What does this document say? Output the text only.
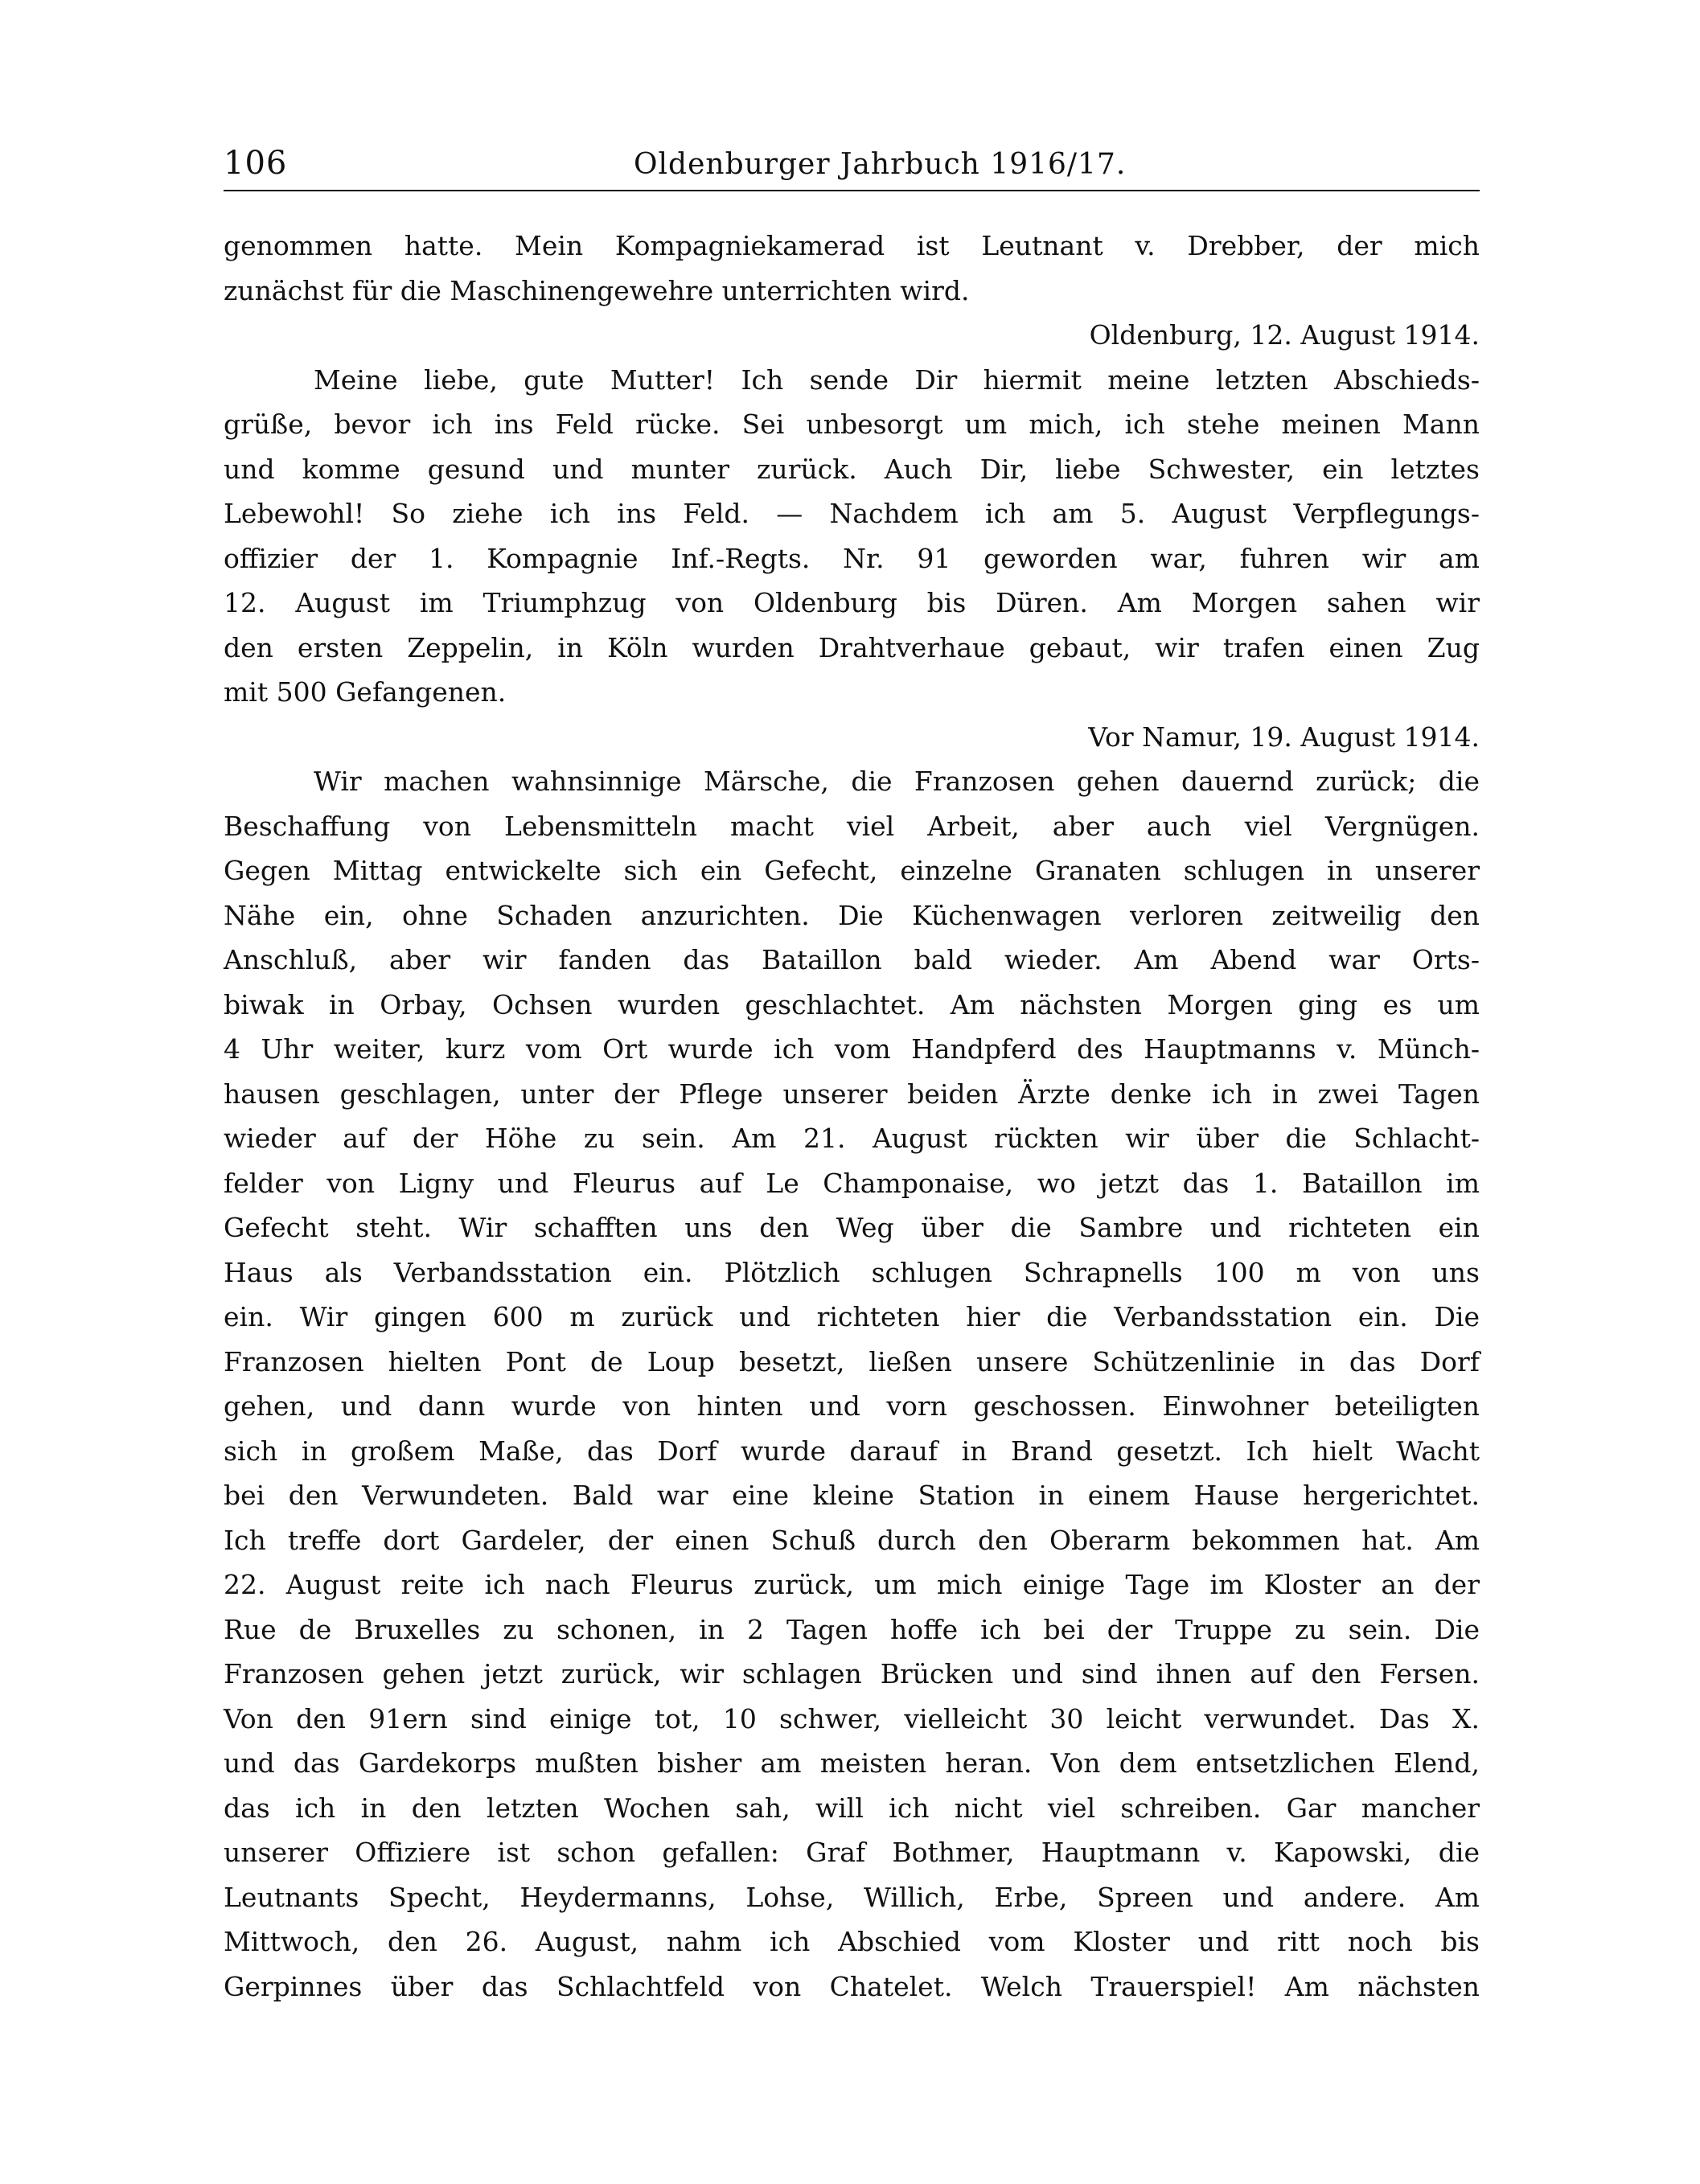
106	Oldenburger Jahrbuch 1916/17.
genommen hatte. Mein Kompagniekamerad ist Leutnant v. Drebber, der mich
zunächst für die Maschinengewehre unterrichten wird.
Oldenburg, 12. August 1914.
Meine liebe, gute Mutter! Ich sende Dir hiermit meine letzten Abschieds-
grüße, bevor ich ins Feld rücke. Sei unbesorgt um mich, ich stehe meinen Mann
und komme gesund und munter zurück. Auch Dir, liebe Schwester, ein letztes
Lebewohl! So ziehe ich ins Feld. — Nachdem ich am 5. August Verpflegungs-
offizier der 1. Kompagnie Inf.-Regts. Nr. 91 geworden war, fuhren wir am
12. August im Triumphzug von Oldenburg bis Düren. Am Morgen sahen wir
den ersten Zeppelin, in Köln wurden Drahtverhaue gebaut, wir trafen einen Zug
mit 500 Gefangenen.
Vor Namur, 19. August 1914.
Wir machen wahnsinnige Märsche, die Franzosen gehen dauernd zurück; die
Beschaffung von Lebensmitteln macht viel Arbeit, aber auch viel Vergnügen.
Gegen Mittag entwickelte sich ein Gefecht, einzelne Granaten schlugen in unserer
Nähe ein, ohne Schaden anzurichten. Die Küchenwagen verloren zeitweilig den
Anschluß, aber wir fanden das Bataillon bald wieder. Am Abend war Orts-
biwak in Orbay, Ochsen wurden geschlachtet. Am nächsten Morgen ging es um
4 Uhr weiter, kurz vom Ort wurde ich vom Handpferd des Hauptmanns v. Münch-
hausen geschlagen, unter der Pflege unserer beiden Ärzte denke ich in zwei Tagen
wieder auf der Höhe zu sein. Am 21. August rückten wir über die Schlacht-
felder von Ligny und Fleurus auf Le Champonaise, wo jetzt das 1. Bataillon im
Gefecht steht. Wir schafften uns den Weg über die Sambre und richteten ein
Haus als Verbandsstation ein. Plötzlich schlugen Schrapnells 100 m von uns
ein. Wir gingen 600 m zurück und richteten hier die Verbandsstation ein. Die
Franzosen hielten Pont de Loup besetzt, ließen unsere Schützenlinie in das Dorf
gehen, und dann wurde von hinten und vorn geschossen. Einwohner beteiligten
sich in großem Maße, das Dorf wurde darauf in Brand gesetzt. Ich hielt Wacht
bei den Verwundeten. Bald war eine kleine Station in einem Hause hergerichtet.
Ich treffe dort Gardeler, der einen Schuß durch den Oberarm bekommen hat. Am
22. August reite ich nach Fleurus zurück, um mich einige Tage im Kloster an der
Rue de Bruxelles zu schonen, in 2 Tagen hoffe ich bei der Truppe zu sein. Die
Franzosen gehen jetzt zurück, wir schlagen Brücken und sind ihnen auf den Fersen.
Von den 91ern sind einige tot, 10 schwer, vielleicht 30 leicht verwundet. Das X.
und das Gardekorps mußten bisher am meisten heran. Von dem entsetzlichen Elend,
das ich in den letzten Wochen sah, will ich nicht viel schreiben. Gar mancher
unserer Offiziere ist schon gefallen: Graf Bothmer, Hauptmann v. Kapowski, die
Leutnants Specht, Heydermanns, Lohse, Willich, Erbe, Spreen und andere. Am
Mittwoch, den 26. August, nahm ich Abschied vom Kloster und ritt noch bis
Gerpinnes über das Schlachtfeld von Chatelet. Welch Trauerspiel! Am nächsten
